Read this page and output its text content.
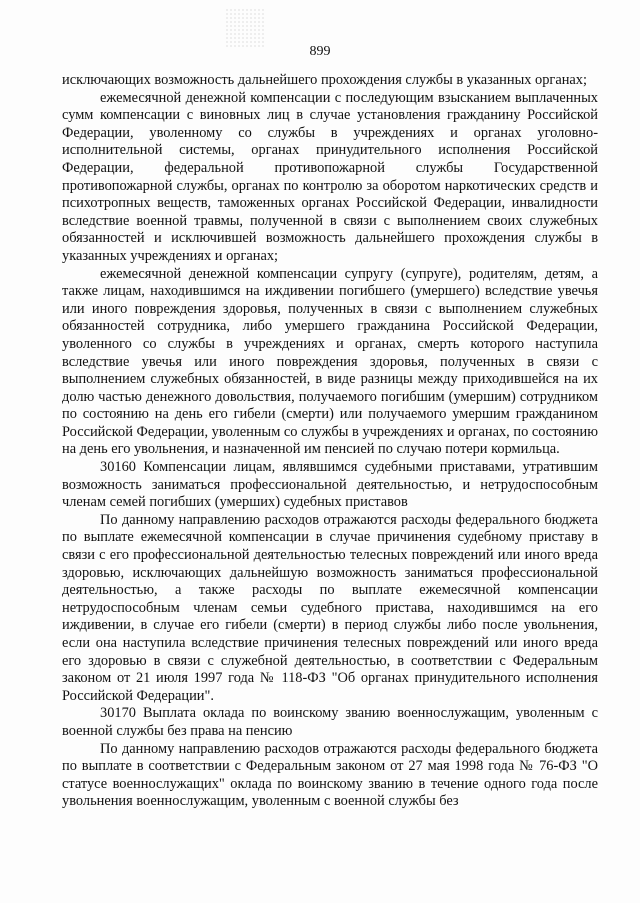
899

исключающих возможность дальнейшего прохождения службы в указанных органах;

ежемесячной денежной компенсации с последующим взысканием выплаченных сумм компенсации с виновных лиц в случае установления гражданину Российской Федерации, уволенному со службы в учреждениях и органах уголовно-исполнительной системы, органах принудительного исполнения Российской Федерации, федеральной противопожарной службы Государственной противопожарной службы, органах по контролю за оборотом наркотических средств и психотропных веществ, таможенных органах Российской Федерации, инвалидности вследствие военной травмы, полученной в связи с выполнением своих служебных обязанностей и исключившей возможность дальнейшего прохождения службы в указанных учреждениях и органах;

ежемесячной денежной компенсации супругу (супруге), родителям, детям, а также лицам, находившимся на иждивении погибшего (умершего) вследствие увечья или иного повреждения здоровья, полученных в связи с выполнением служебных обязанностей сотрудника, либо умершего гражданина Российской Федерации, уволенного со службы в учреждениях и органах, смерть которого наступила вследствие увечья или иного повреждения здоровья, полученных в связи с выполнением служебных обязанностей, в виде разницы между приходившейся на их долю частью денежного довольствия, получаемого погибшим (умершим) сотрудником по состоянию на день его гибели (смерти) или получаемого умершим гражданином Российской Федерации, уволенным со службы в учреждениях и органах, по состоянию на день его увольнения, и назначенной им пенсией по случаю потери кормильца.

30160 Компенсации лицам, являвшимся судебными приставами, утратившим возможность заниматься профессиональной деятельностью, и нетрудоспособным членам семей погибших (умерших) судебных приставов

По данному направлению расходов отражаются расходы федерального бюджета по выплате ежемесячной компенсации в случае причинения судебному приставу в связи с его профессиональной деятельностью телесных повреждений или иного вреда здоровью, исключающих дальнейшую возможность заниматься профессиональной деятельностью, а также расходы по выплате ежемесячной компенсации нетрудоспособным членам семьи судебного пристава, находившимся на его иждивении, в случае его гибели (смерти) в период службы либо после увольнения, если она наступила вследствие причинения телесных повреждений или иного вреда его здоровью в связи с служебной деятельностью, в соответствии с Федеральным законом от 21 июля 1997 года № 118-ФЗ "Об органах принудительного исполнения Российской Федерации".

30170 Выплата оклада по воинскому званию военнослужащим, уволенным с военной службы без права на пенсию

По данному направлению расходов отражаются расходы федерального бюджета по выплате в соответствии с Федеральным законом от 27 мая 1998 года № 76-ФЗ "О статусе военнослужащих" оклада по воинскому званию в течение одного года после увольнения военнослужащим, уволенным с военной службы без
